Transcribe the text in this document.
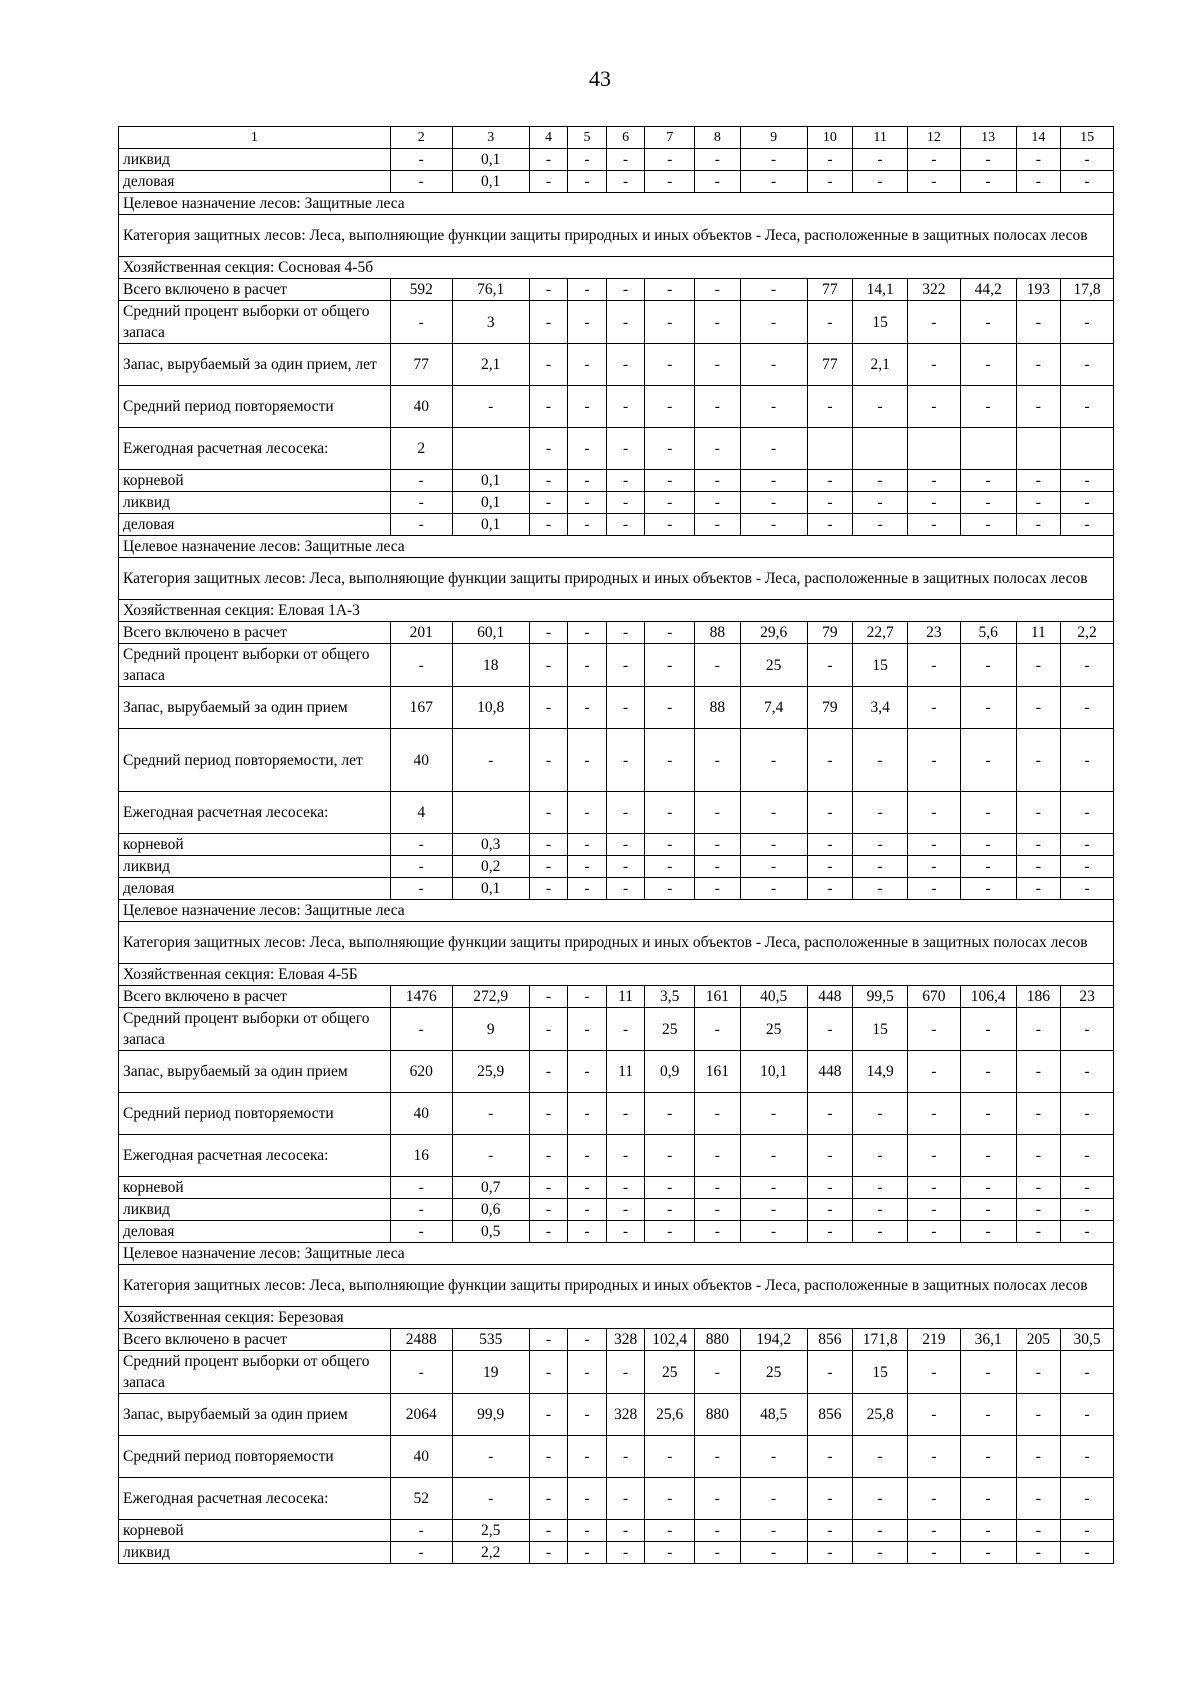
43
1	2	3	4	5	6	7	8	9	10	11	12	13	14	15
ликвид	-	0,1	-	-	-	-	-	-	-	-	-	-	-	-
деловая	-	0,1	-	-	-	-	-	-	-	-	-	-	-	-
Целевое назначение лесов: Защитные леса														
Категория защитных лесов: Леса, выполняющие функции защиты природных и иных объектов - Леса, расположенные в защитных полосах лесов														
Хозяйственная секция: Сосновая 4-5б														
Всего включено в расчет	592	76,1	-	-	-	-	-	-	77	14,1	322	44,2	193	17,8
Средний процент выборки от общего запаса	-	3	-	-	-	-	-	-	-	15	-	-	-	-
Запас, вырубаемый за один прием, лет	77	2,1	-	-	-	-	-	-	77	2,1	-	-	-	-
Средний период повторяемости	40	-	-	-	-	-	-	-	-	-	-	-	-	-
Ежегодная расчетная лесосека:	2		-	-	-	-	-	-						
корневой	-	0,1	-	-	-	-	-	-	-	-	-	-	-	-
ликвид	-	0,1	-	-	-	-	-	-	-	-	-	-	-	-
деловая	-	0,1	-	-	-	-	-	-	-	-	-	-	-	-
Целевое назначение лесов: Защитные леса														
Категория защитных лесов: Леса, выполняющие функции защиты природных и иных объектов - Леса, расположенные в защитных полосах лесов														
Хозяйственная секция: Еловая 1А-3														
Всего включено в расчет	201	60,1	-	-	-	-	88	29,6	79	22,7	23	5,6	11	2,2
Средний процент выборки от общего запаса	-	18	-	-	-	-	-	25	-	15	-	-	-	-
Запас, вырубаемый за один прием	167	10,8	-	-	-	-	88	7,4	79	3,4	-	-	-	-
Средний период повторяемости, лет	40	-	-	-	-	-	-	-	-	-	-	-	-	-
Ежегодная расчетная лесосека:	4		-	-	-	-	-	-	-	-	-	-	-	-
корневой	-	0,3	-	-	-	-	-	-	-	-	-	-	-	-
ликвид	-	0,2	-	-	-	-	-	-	-	-	-	-	-	-
деловая	-	0,1	-	-	-	-	-	-	-	-	-	-	-	-
Целевое назначение лесов: Защитные леса														
Категория защитных лесов: Леса, выполняющие функции защиты природных и иных объектов - Леса, расположенные в защитных полосах лесов														
Хозяйственная секция: Еловая 4-5Б														
Всего включено в расчет	1476	272,9	-	-	11	3,5	161	40,5	448	99,5	670	106,4	186	23
Средний процент выборки от общего запаса	-	9	-	-	-	25	-	25	-	15	-	-	-	-
Запас, вырубаемый за один прием	620	25,9	-	-	11	0,9	161	10,1	448	14,9	-	-	-	-
Средний период повторяемости	40	-	-	-	-	-	-	-	-	-	-	-	-	-
Ежегодная расчетная лесосека:	16	-	-	-	-	-	-	-	-	-	-	-	-	-
корневой	-	0,7	-	-	-	-	-	-	-	-	-	-	-	-
ликвид	-	0,6	-	-	-	-	-	-	-	-	-	-	-	-
деловая	-	0,5	-	-	-	-	-	-	-	-	-	-	-	-
Целевое назначение лесов: Защитные леса														
Категория защитных лесов: Леса, выполняющие функции защиты природных и иных объектов - Леса, расположенные в защитных полосах лесов														
Хозяйственная секция: Березовая														
Всего включено в расчет	2488	535	-	-	328	102,4	880	194,2	856	171,8	219	36,1	205	30,5
Средний процент выборки от общего запаса	-	19	-	-	-	25	-	25	-	15	-	-	-	-
Запас, вырубаемый за один прием	2064	99,9	-	-	328	25,6	880	48,5	856	25,8	-	-	-	-
Средний период повторяемости	40	-	-	-	-	-	-	-	-	-	-	-	-	-
Ежегодная расчетная лесосека:	52	-	-	-	-	-	-	-	-	-	-	-	-	-
корневой	-	2,5	-	-	-	-	-	-	-	-	-	-	-	-
ликвид	-	2,2	-	-	-	-	-	-	-	-	-	-	-	-
